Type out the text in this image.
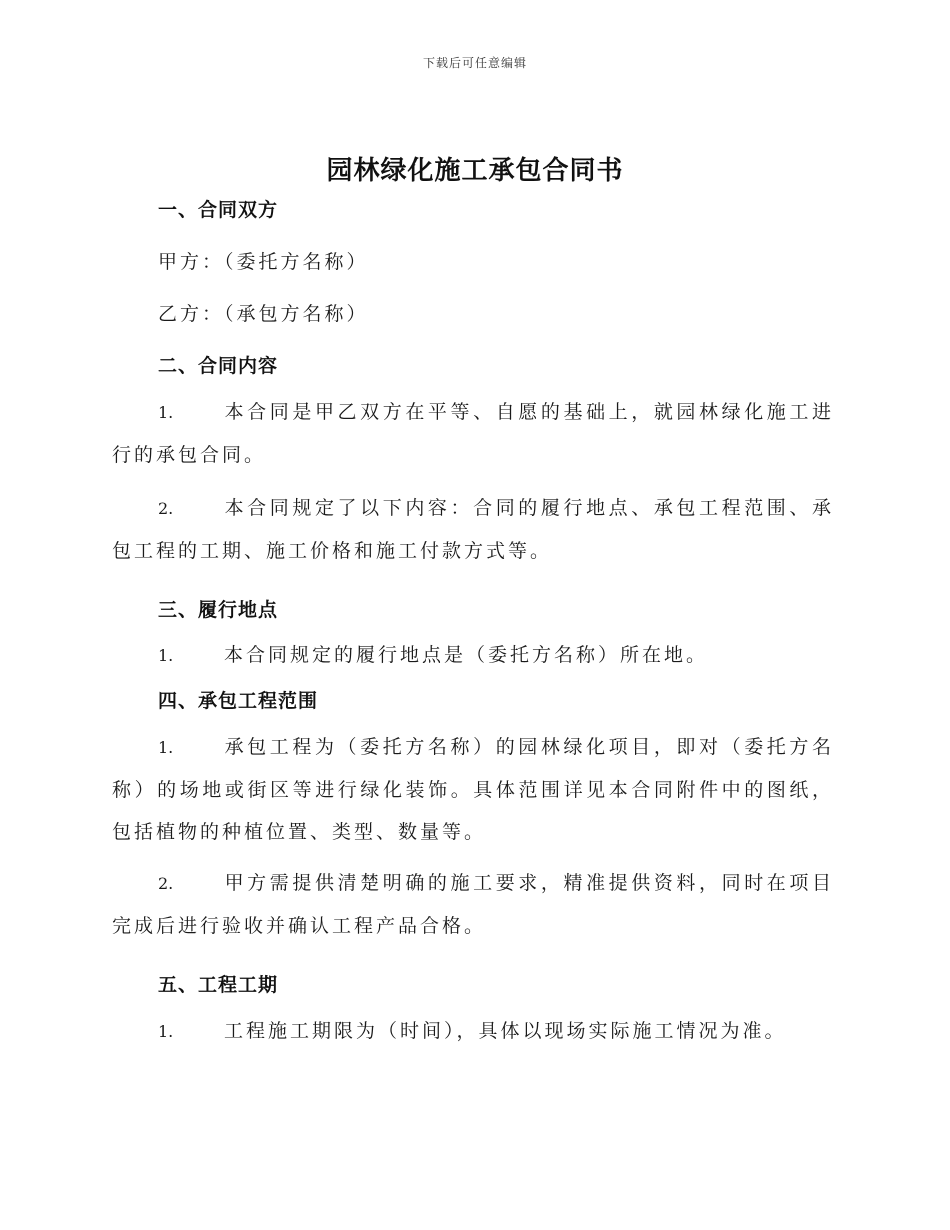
下载后可任意编辑
园林绿化施工承包合同书
一、合同双方
甲方：（委托方名称）
乙方：（承包方名称）
二、合同内容
1.	本合同是甲乙双方在平等、自愿的基础上，就园林绿化施工进行的承包合同。
2.	本合同规定了以下内容：合同的履行地点、承包工程范围、承包工程的工期、施工价格和施工付款方式等。
三、履行地点
1.	本合同规定的履行地点是（委托方名称）所在地。
四、承包工程范围
1.	承包工程为（委托方名称）的园林绿化项目，即对（委托方名称）的场地或街区等进行绿化装饰。具体范围详见本合同附件中的图纸，包括植物的种植位置、类型、数量等。
2.	甲方需提供清楚明确的施工要求，精准提供资料，同时在项目完成后进行验收并确认工程产品合格。
五、工程工期
1.	工程施工期限为（时间），具体以现场实际施工情况为准。
